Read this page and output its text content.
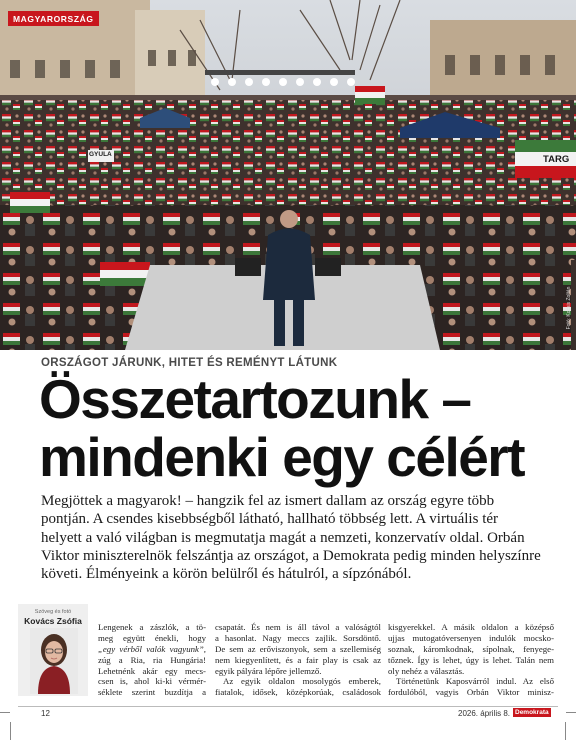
GYULA	TARG
MAGYARORSZÁG
Fotó: Kocsis Zoltán
ORSZÁGOT JÁRUNK, HITET ÉS REMÉNYT LÁTUNK
Összetartozunk –
mindenki egy célért

Megjöttek a magyarok! – hangzik fel az ismert dallam az ország egyre több pontján. A csendes kisebbségből látható, hallható többség lett. A virtuális tér helyett a való világban is megmutatja magát a nemzeti, konzervatív oldal. Orbán Viktor miniszterelnök felszántja az országot, a Demokrata pedig minden helyszínre követi. Élményeink a körön belülről és hátulról, a sípzónából.

Szöveg és fotó
Kovács Zsófia
Lengenek a zászlók, a tö-
meg együtt énekli, hogy
„egy vérből valók vagyunk”,
zúg a Ria, ria Hungária!
Lehetnénk akár egy mecs-
csen is, ahol ki-ki vérmér-
séklete szerint buzdítja a
csapatát. És nem is áll távol a valóságtól
a hasonlat. Nagy meccs zajlik. Sorsdöntő.
De sem az erőviszonyok, sem a szellemiség
nem kiegyenlített, és a fair play is csak az
egyik pályára lépőre jellemző.
Az egyik oldalon mosolygós emberek,
fiatalok, idősek, középkorúak, családosok
kisgyerekkel. A másik oldalon a középső
ujjas mutogatóversenyen indulók mocsko-
soznak, káromkodnak, sípolnak, fenyege-
tőznek. Így is lehet, úgy is lehet. Talán nem
oly nehéz a választás.
Történetünk Kaposvárról indul. Az első
fordulóból, vagyis Orbán Viktor minisz-
12	2026. április 8. Demokrata
